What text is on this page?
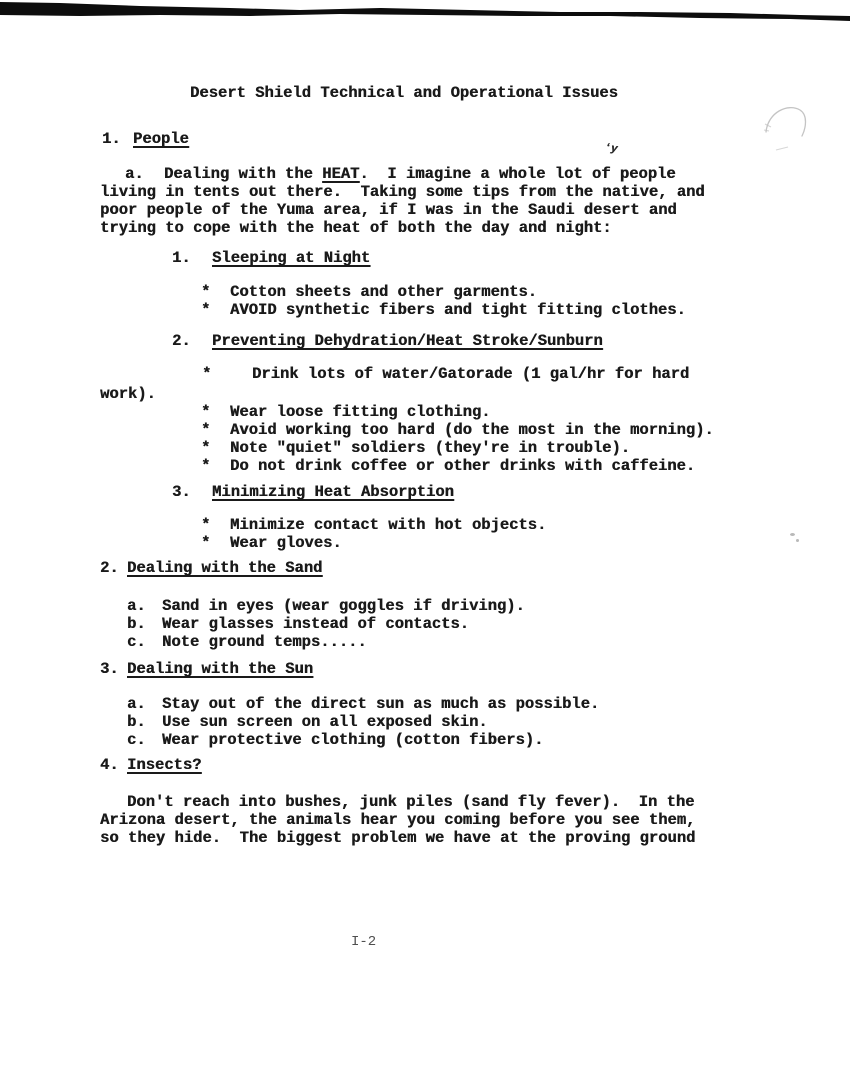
Desert Shield Technical and Operational Issues
ʻy
1. People
a. Dealing with the HEAT.  I imagine a whole lot of people
living in tents out there.  Taking some tips from the native, and
poor people of the Yuma area, if I was in the Saudi desert and
trying to cope with the heat of both the day and night:
1. Sleeping at Night
* Cotton sheets and other garments.
* AVOID synthetic fibers and tight fitting clothes.
2. Preventing Dehydration/Heat Stroke/Sunburn
*	Drink lots of water/Gatorade (1 gal/hr for hard
work).
* Wear loose fitting clothing.
* Avoid working too hard (do the most in the morning).
* Note "quiet" soldiers (they're in trouble).
* Do not drink coffee or other drinks with caffeine.
3. Minimizing Heat Absorption
* Minimize contact with hot objects.
* Wear gloves.
2. Dealing with the Sand
a. Sand in eyes (wear goggles if driving).
b. Wear glasses instead of contacts.
c. Note ground temps.....
3. Dealing with the Sun
a. Stay out of the direct sun as much as possible.
b. Use sun screen on all exposed skin.
c. Wear protective clothing (cotton fibers).
4. Insects?
Don't reach into bushes, junk piles (sand fly fever).  In the
Arizona desert, the animals hear you coming before you see them,
so they hide.  The biggest problem we have at the proving ground
I-2
